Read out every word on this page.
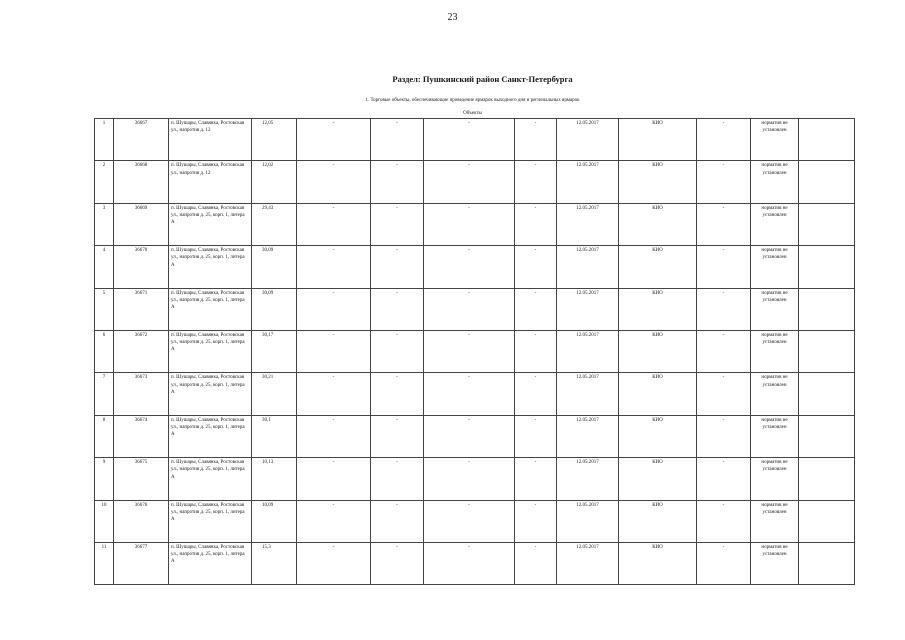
23
Раздел: Пушкинский район Санкт-Петербурга
1. Торговые объекты, обеспечивающие проведение ярмарок выходного дня и региональных ярмарок
Объекты
1	36667	п. Шушары, Славянка, Ростовская ул., напротив д. 12	12,05	-	-	-	-	12.05.2017	КИО	-	норматив не установлен	
2	36668	п. Шушары, Славянка, Ростовская ул., напротив д. 12	12,02	-	-	-	-	12.05.2017	КИО	-	норматив не установлен	
3	36669	п. Шушары, Славянка, Ростовская ул., напротив д. 25, корп. 1, литера А	29,43	-	-	-	-	12.05.2017	КИО	-	норматив не установлен	
4	36670	п. Шушары, Славянка, Ростовская ул., напротив д. 25, корп. 1, литера А	30,09	-	-	-	-	12.05.2017	КИО	-	норматив не установлен	
5	36671	п. Шушары, Славянка, Ростовская ул., напротив д. 25, корп. 1, литера А	30,09	-	-	-	-	12.05.2017	КИО	-	норматив не установлен	
6	36672	п. Шушары, Славянка, Ростовская ул., напротив д. 25, корп. 1, литера А	30,17	-	-	-	-	12.05.2017	КИО	-	норматив не установлен	
7	36673	п. Шушары, Славянка, Ростовская ул., напротив д. 25, корп. 1, литера А	30,21	-	-	-	-	12.05.2017	КИО	-	норматив не установлен	
8	36674	п. Шушары, Славянка, Ростовская ул., напротив д. 25, корп. 1, литера А	30,1	-	-	-	-	12.05.2017	КИО	-	норматив не установлен	
9	36675	п. Шушары, Славянка, Ростовская ул., напротив д. 25, корп. 1, литера А	10,13	-	-	-	-	12.05.2017	КИО	-	норматив не установлен	
10	36676	п. Шушары, Славянка, Ростовская ул., напротив д. 25, корп. 1, литера А	10,09	-	-	-	-	12.05.2017	КИО	-	норматив не установлен	
11	36677	п. Шушары, Славянка, Ростовская ул., напротив д. 25, корп. 1, литера А	15,3	-	-	-	-	12.05.2017	КИО	-	норматив не установлен	
